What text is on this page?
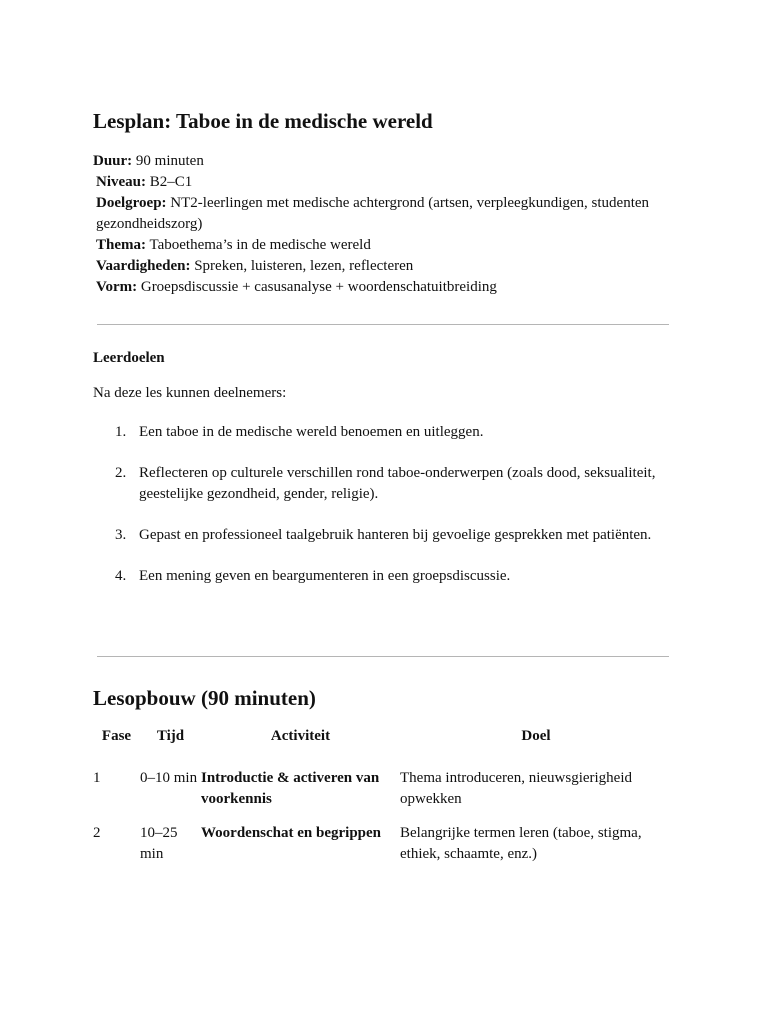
Lesplan: Taboe in de medische wereld

Duur: 90 minuten

Niveau: B2–C1

Doelgroep: NT2-leerlingen met medische achtergrond (artsen, verpleegkundigen, studenten gezondheidszorg)

Thema: Taboethema’s in de medische wereld

Vaardigheden: Spreken, luisteren, lezen, reflecteren

Vorm: Groepsdiscussie + casusanalyse + woordenschatuitbreiding

Leerdoelen

Na deze les kunnen deelnemers:

1. Een taboe in de medische wereld benoemen en uitleggen.
2. Reflecteren op culturele verschillen rond taboe-onderwerpen (zoals dood, seksualiteit, geestelijke gezondheid, gender, religie).
3. Gepast en professioneel taalgebruik hanteren bij gevoelige gesprekken met patiënten.
4. Een mening geven en beargumenteren in een groepsdiscussie.
Lesopbouw (90 minuten)
Fase	Tijd	Activiteit	Doel
1	0–10 min	Introductie & activeren van voorkennis	Thema introduceren, nieuwsgierigheid opwekken
2	10–25 min	Woordenschat en begrippen	Belangrijke termen leren (taboe, stigma, ethiek, schaamte, enz.)
